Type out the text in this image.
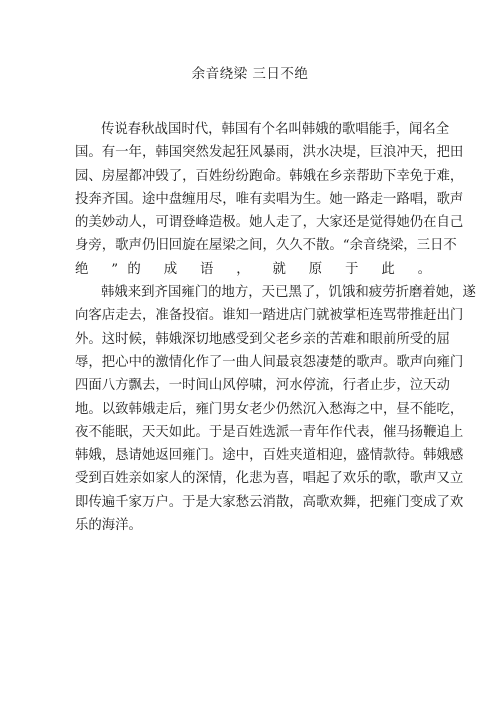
余音绕梁 三日不绝
传说春秋战国时代，韩国有个名叫韩娥的歌唱能手，闻名全
国。有一年，韩国突然发起狂风暴雨，洪水决堤，巨浪冲天，把田
园、房屋都冲毁了，百姓纷纷跑命。韩娥在乡亲帮助下幸免于难，
投奔齐国。途中盘缠用尽，唯有卖唱为生。她一路走一路唱，歌声
的美妙动人，可谓登峰造极。她人走了，大家还是觉得她仍在自己
身旁，歌声仍旧回旋在屋梁之间，久久不散。“余音绕梁，三日不
绝 ”的 成 语 ， 就 原 于 此 。
韩娥来到齐国雍门的地方，天已黑了，饥饿和疲劳折磨着她，遂
向客店走去，准备投宿。谁知一踏进店门就被掌柜连骂带推赶出门
外。这时候，韩娥深切地感受到父老乡亲的苦难和眼前所受的屈
辱，把心中的激情化作了一曲人间最哀怨凄楚的歌声。歌声向雍门
四面八方飘去，一时间山风停啸，河水停流，行者止步，泣天动
地。以致韩娥走后，雍门男女老少仍然沉入愁海之中，昼不能吃，
夜不能眠，天天如此。于是百姓选派一青年作代表，催马扬鞭追上
韩娥，恳请她返回雍门。途中，百姓夹道相迎，盛情款待。韩娥感
受到百姓亲如家人的深情，化悲为喜，唱起了欢乐的歌，歌声又立
即传遍千家万户。于是大家愁云消散，高歌欢舞，把雍门变成了欢
乐的海洋。
